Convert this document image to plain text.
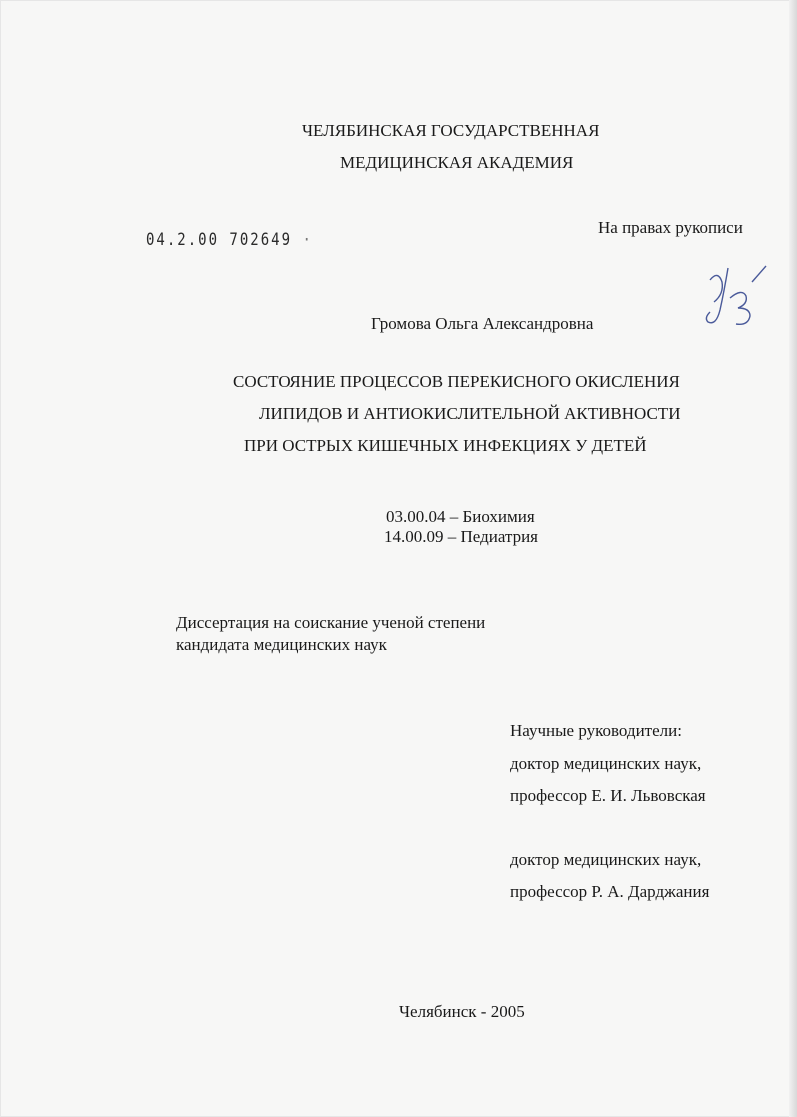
ЧЕЛЯБИНСКАЯ ГОСУДАРСТВЕННАЯ
МЕДИЦИНСКАЯ АКАДЕМИЯ
04.2.00 702649 ·
На правах рукописи
Громова Ольга Александровна
СОСТОЯНИЕ ПРОЦЕССОВ ПЕРЕКИСНОГО ОКИСЛЕНИЯ
ЛИПИДОВ И АНТИОКИСЛИТЕЛЬНОЙ АКТИВНОСТИ
ПРИ ОСТРЫХ КИШЕЧНЫХ ИНФЕКЦИЯХ У ДЕТЕЙ
03.00.04 – Биохимия
14.00.09 – Педиатрия
Диссертация на соискание ученой степени
кандидата медицинских наук
Научные руководители:
доктор медицинских наук,
профессор Е. И. Львовская
доктор медицинских наук,
профессор Р. А. Дарджания
Челябинск - 2005
